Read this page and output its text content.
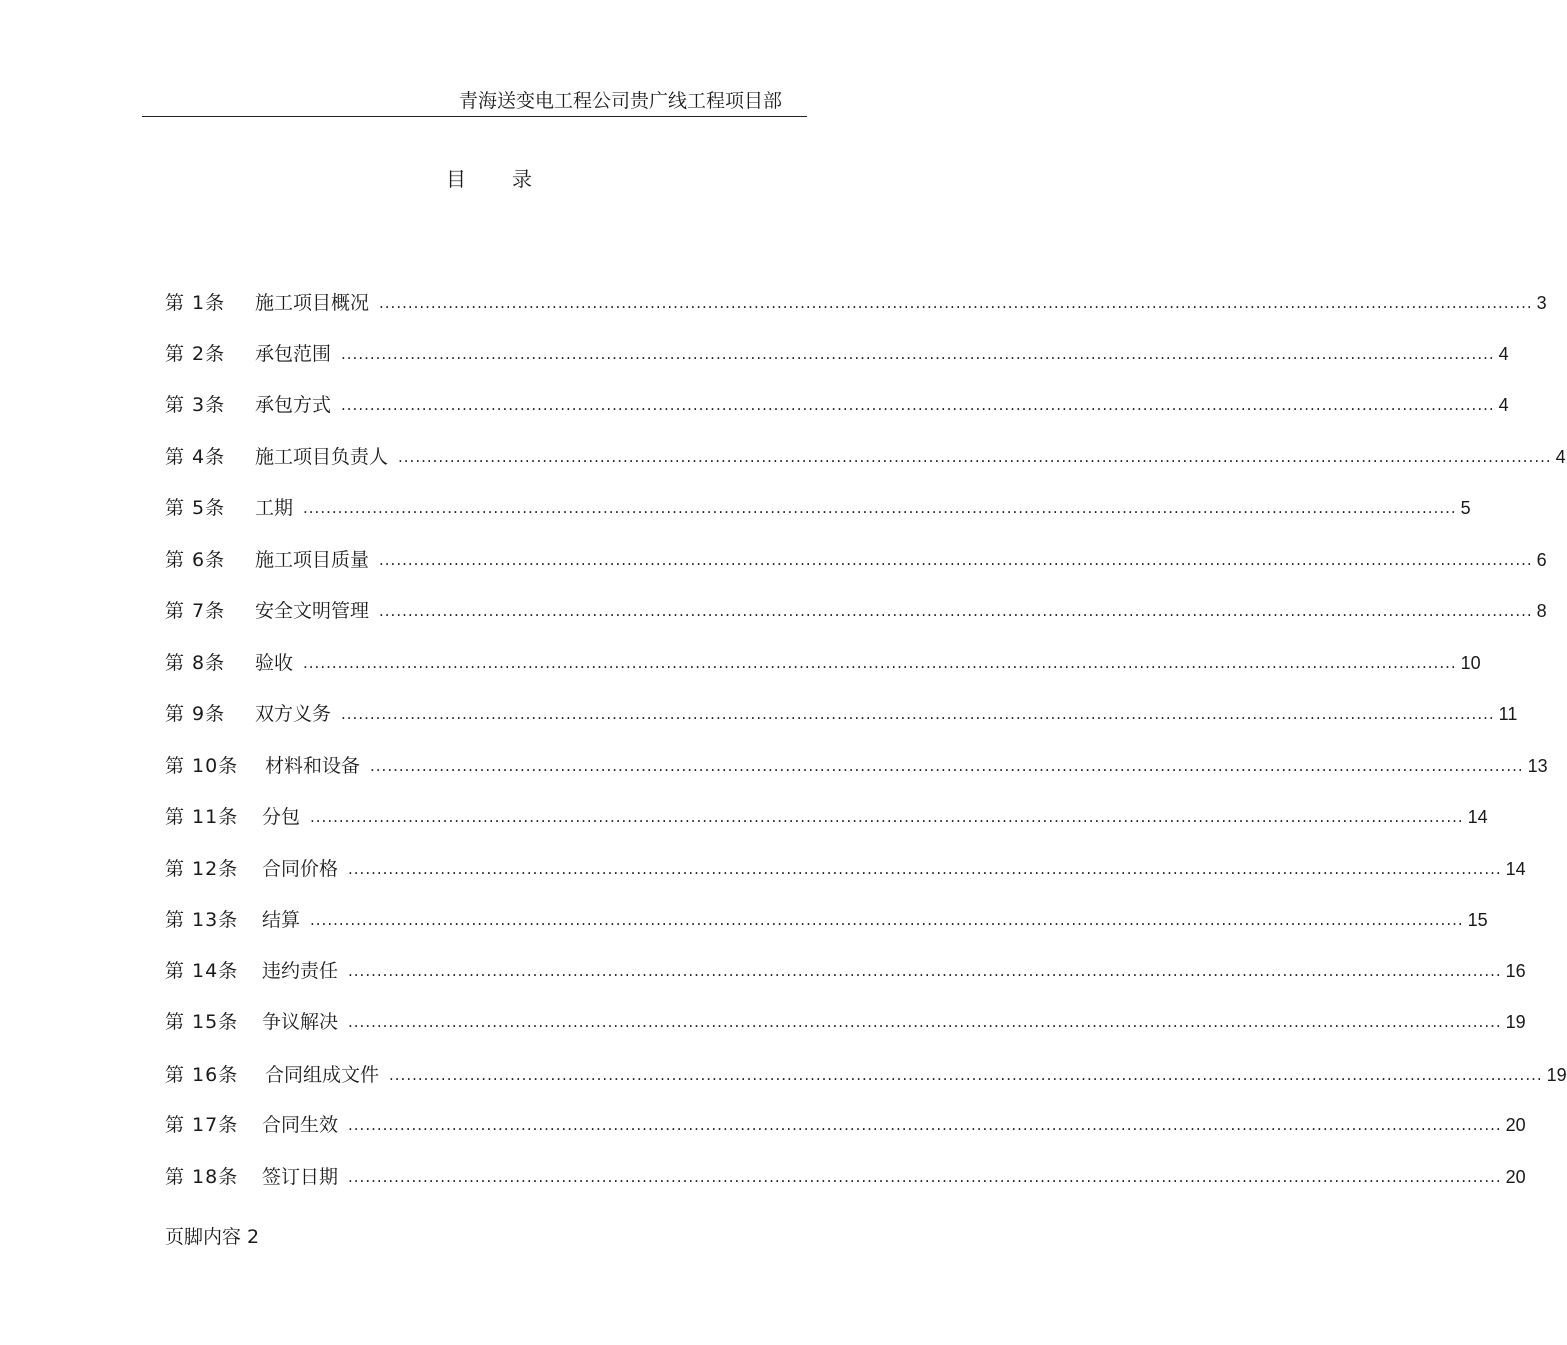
青海送变电工程公司贵广线工程项目部
目录
第 1条	施工项目概况 ........................................................................................................................................................................................................ 3
第 2条	承包范围 ........................................................................................................................................................................................................ 4
第 3条	承包方式 ........................................................................................................................................................................................................ 4
第 4条	施工项目负责人 ........................................................................................................................................................................................................ 4
第 5条	工期 ........................................................................................................................................................................................................ 5
第 6条	施工项目质量 ........................................................................................................................................................................................................ 6
第 7条	安全文明管理 ........................................................................................................................................................................................................ 8
第 8条	验收 ........................................................................................................................................................................................................ 10
第 9条	双方义务 ........................................................................................................................................................................................................ 11
第 10条	材料和设备 ........................................................................................................................................................................................................ 13
第 11条	分包 ........................................................................................................................................................................................................ 14
第 12条	合同价格 ........................................................................................................................................................................................................ 14
第 13条	结算 ........................................................................................................................................................................................................ 15
第 14条	违约责任 ........................................................................................................................................................................................................ 16
第 15条	争议解决 ........................................................................................................................................................................................................ 19
第 16条	合同组成文件 ........................................................................................................................................................................................................ 19
第 17条	合同生效 ........................................................................................................................................................................................................ 20
第 18条	签订日期 ........................................................................................................................................................................................................ 20
页脚内容 2
